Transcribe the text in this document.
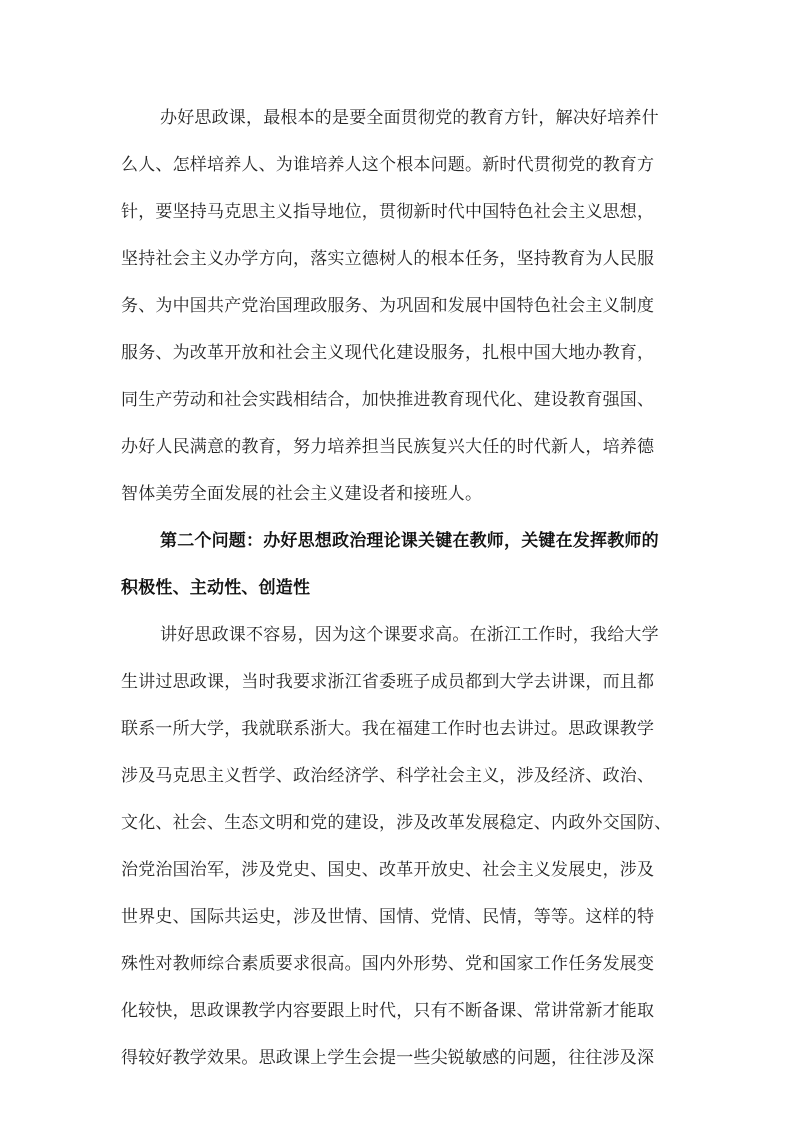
办好思政课，最根本的是要全面贯彻党的教育方针，解决好培养什
么人、怎样培养人、为谁培养人这个根本问题。新时代贯彻党的教育方
针，要坚持马克思主义指导地位，贯彻新时代中国特色社会主义思想，
坚持社会主义办学方向，落实立德树人的根本任务，坚持教育为人民服
务、为中国共产党治国理政服务、为巩固和发展中国特色社会主义制度
服务、为改革开放和社会主义现代化建设服务，扎根中国大地办教育，
同生产劳动和社会实践相结合，加快推进教育现代化、建设教育强国、
办好人民满意的教育，努力培养担当民族复兴大任的时代新人，培养德
智体美劳全面发展的社会主义建设者和接班人。
第二个问题：办好思想政治理论课关键在教师，关键在发挥教师的
积极性、主动性、创造性
讲好思政课不容易，因为这个课要求高。在浙江工作时，我给大学
生讲过思政课，当时我要求浙江省委班子成员都到大学去讲课，而且都
联系一所大学，我就联系浙大。我在福建工作时也去讲过。思政课教学
涉及马克思主义哲学、政治经济学、科学社会主义，涉及经济、政治、
文化、社会、生态文明和党的建设，涉及改革发展稳定、内政外交国防、
治党治国治军，涉及党史、国史、改革开放史、社会主义发展史，涉及
世界史、国际共运史，涉及世情、国情、党情、民情，等等。这样的特
殊性对教师综合素质要求很高。国内外形势、党和国家工作任务发展变
化较快，思政课教学内容要跟上时代，只有不断备课、常讲常新才能取
得较好教学效果。思政课上学生会提一些尖锐敏感的问题，往往涉及深
